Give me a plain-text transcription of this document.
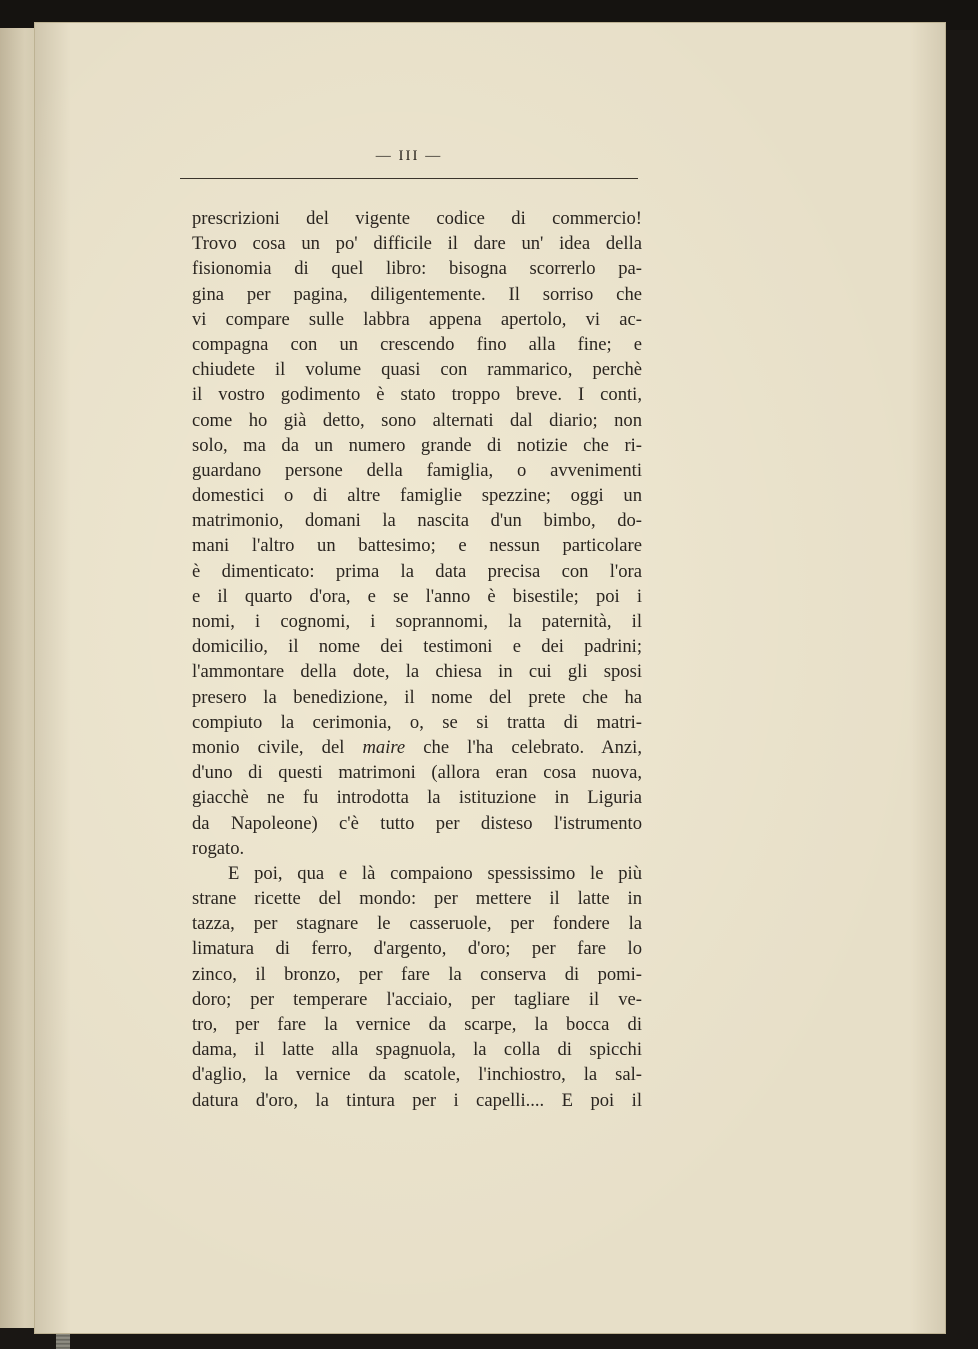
— III —
prescrizioni del vigente codice di commercio!
Trovo cosa un po' difficile il dare un' idea della
fisionomia di quel libro: bisogna scorrerlo pa-
gina per pagina, diligentemente. Il sorriso che
vi compare sulle labbra appena apertolo, vi ac-
compagna con un crescendo fino alla fine; e
chiudete il volume quasi con rammarico, perchè
il vostro godimento è stato troppo breve. I conti,
come ho già detto, sono alternati dal diario; non
solo, ma da un numero grande di notizie che ri-
guardano persone della famiglia, o avvenimenti
domestici o di altre famiglie spezzine; oggi un
matrimonio, domani la nascita d'un bimbo, do-
mani l'altro un battesimo; e nessun particolare
è dimenticato: prima la data precisa con l'ora
e il quarto d'ora, e se l'anno è bisestile; poi i
nomi, i cognomi, i soprannomi, la paternità, il
domicilio, il nome dei testimoni e dei padrini;
l'ammontare della dote, la chiesa in cui gli sposi
presero la benedizione, il nome del prete che ha
compiuto la cerimonia, o, se si tratta di matri-
monio civile, del maire che l'ha celebrato. Anzi,
d'uno di questi matrimoni (allora eran cosa nuova,
giacchè ne fu introdotta la istituzione in Liguria
da Napoleone) c'è tutto per disteso l'istrumento
rogato.
E poi, qua e là compaiono spessissimo le più
strane ricette del mondo: per mettere il latte in
tazza, per stagnare le casseruole, per fondere la
limatura di ferro, d'argento, d'oro; per fare lo
zinco, il bronzo, per fare la conserva di pomi-
doro; per temperare l'acciaio, per tagliare il ve-
tro, per fare la vernice da scarpe, la bocca di
dama, il latte alla spagnuola, la colla di spicchi
d'aglio, la vernice da scatole, l'inchiostro, la sal-
datura d'oro, la tintura per i capelli.... E poi il
